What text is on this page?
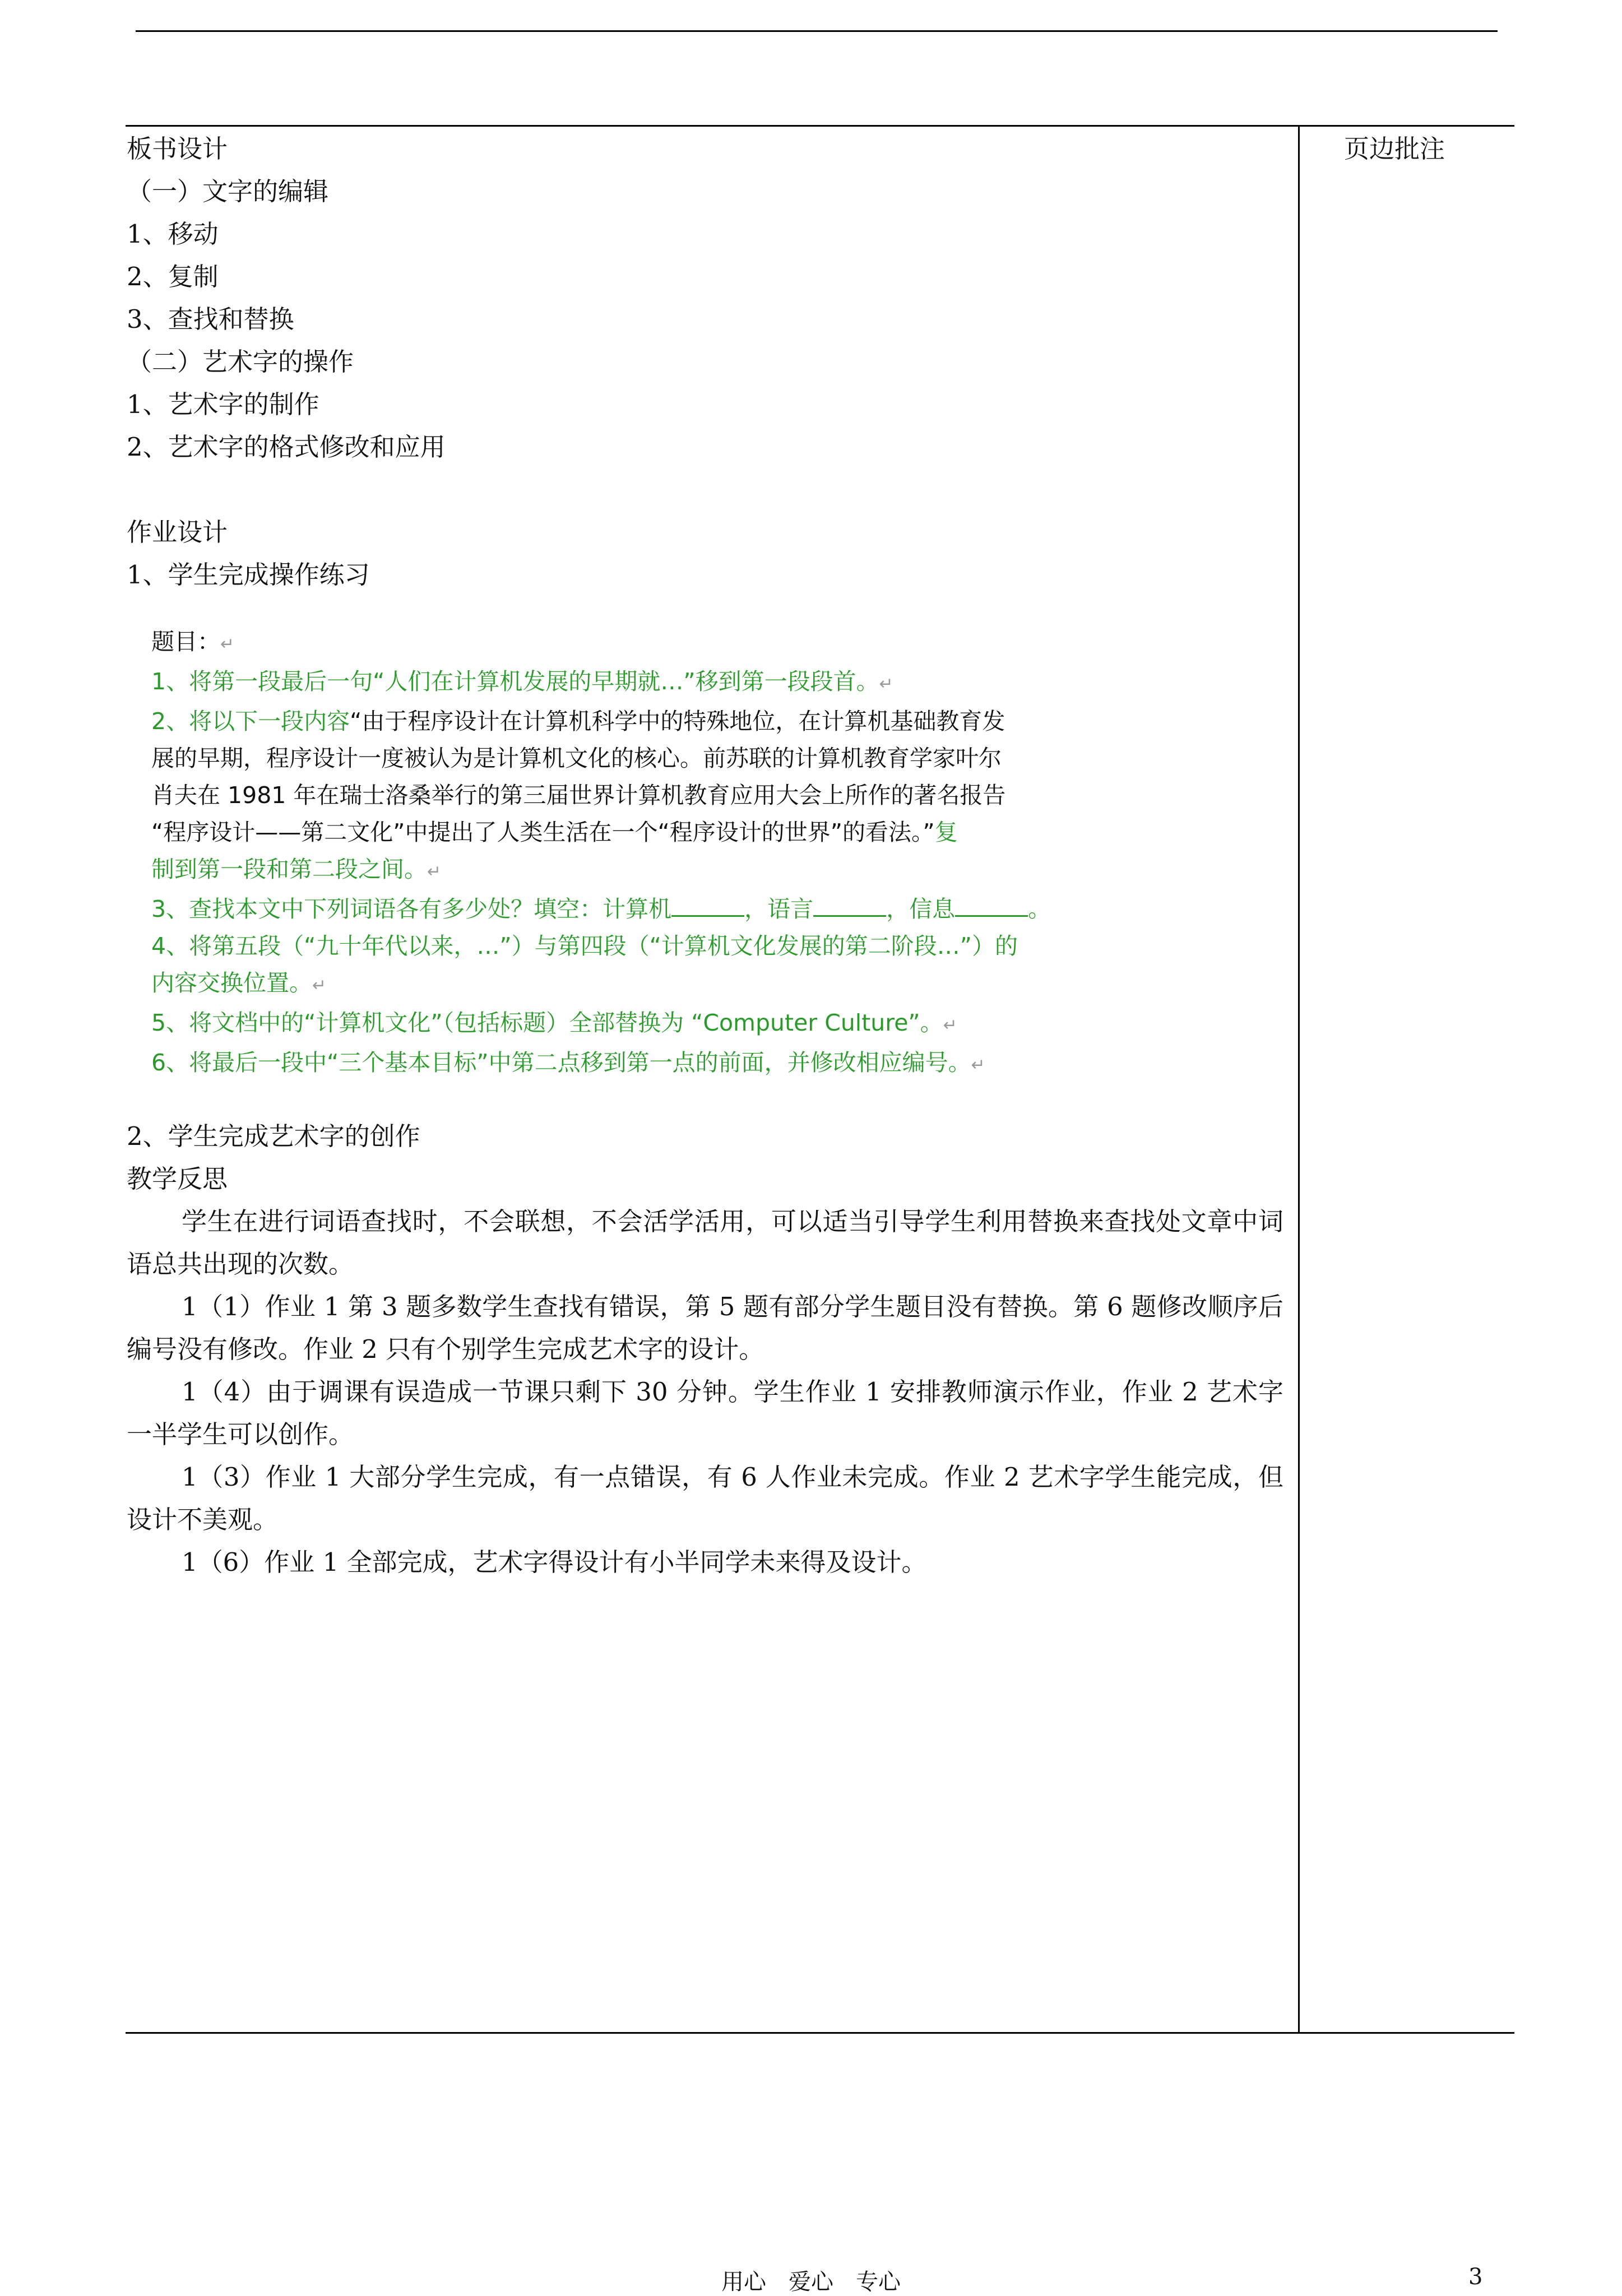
板书设计
（一）文字的编辑
1、移动
2、复制
3、查找和替换
（二）艺术字的操作
1、艺术字的制作
2、艺术字的格式修改和应用
作业设计
1、学生完成操作练习
题目：↵
1、将第一段最后一句“人们在计算机发展的早期就…”移到第一段段首。↵
2、将以下一段内容“由于程序设计在计算机科学中的特殊地位，在计算机基础教育发
展的早期，程序设计一度被认为是计算机文化的核心。前苏联的计算机教育学家叶尔
肖夫在 1981 年在瑞士洛桑举行的第三届世界计算机教育应用大会上所作的著名报告
“程序设计——第二文化”中提出了人类生活在一个“程序设计的世界”的看法。”复
制到第一段和第二段之间。↵
3、查找本文中下列词语各有多少处？填空：计算机	，语言	，信息	。
4、将第五段（“九十年代以来，…”）与第四段（“计算机文化发展的第二阶段…”）的
内容交换位置。↵
5、将文档中的“计算机文化”（包括标题）全部替换为 “Computer Culture”。↵
6、将最后一段中“三个基本目标”中第二点移到第一点的前面，并修改相应编号。↵
2、学生完成艺术字的创作
教学反思

学生在进行词语查找时，不会联想，不会活学活用，可以适当引导学生利用替换来查找处文章中词语总共出现的次数。

1（1）作业 1 第 3 题多数学生查找有错误，第 5 题有部分学生题目没有替换。第 6 题修改顺序后编号没有修改。作业 2 只有个别学生完成艺术字的设计。

1（4）由于调课有误造成一节课只剩下 30 分钟。学生作业 1 安排教师演示作业，作业 2 艺术字一半学生可以创作。

1（3）作业 1 大部分学生完成，有一点错误，有 6 人作业未完成。作业 2 艺术字学生能完成，但设计不美观。

1（6）作业 1 全部完成，艺术字得设计有小半同学未来得及设计。

页边批注
用心　爱心　专心	3
